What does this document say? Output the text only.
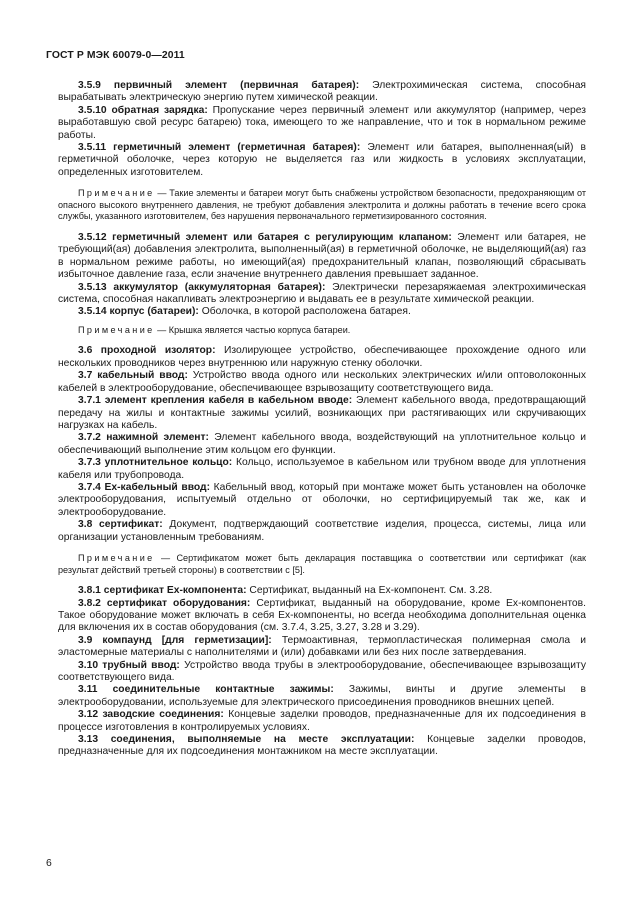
ГОСТ Р МЭК 60079-0—2011

3.5.9 первичный элемент (первичная батарея): Электрохимическая система, способная вырабатывать электрическую энергию путем химической реакции.

3.5.10 обратная зарядка: Пропускание через первичный элемент или аккумулятор (например, через выработавшую свой ресурс батарею) тока, имеющего то же направление, что и ток в нормальном режиме работы.

3.5.11 герметичный элемент (герметичная батарея): Элемент или батарея, выполненная(ый) в герметичной оболочке, через которую не выделяется газ или жидкость в условиях эксплуатации, определенных изготовителем.

Примечание — Такие элементы и батареи могут быть снабжены устройством безопасности, предохраняющим от опасного высокого внутреннего давления, не требуют добавления электролита и должны работать в течение всего срока службы, указанного изготовителем, без нарушения первоначального герметизированного состояния.

3.5.12 герметичный элемент или батарея с регулирующим клапаном: Элемент или батарея, не требующий(ая) добавления электролита, выполненный(ая) в герметичной оболочке, не выделяющий(ая) газ в нормальном режиме работы, но имеющий(ая) предохранительный клапан, позволяющий сбрасывать избыточное давление газа, если значение внутреннего давления превышает заданное.

3.5.13 аккумулятор (аккумуляторная батарея): Электрически перезаряжаемая электрохимическая система, способная накапливать электроэнергию и выдавать ее в результате химической реакции.

3.5.14 корпус (батареи): Оболочка, в которой расположена батарея.

Примечание — Крышка является частью корпуса батареи.

3.6 проходной изолятор: Изолирующее устройство, обеспечивающее прохождение одного или нескольких проводников через внутреннюю или наружную стенку оболочки.

3.7 кабельный ввод: Устройство ввода одного или нескольких электрических и/или оптоволоконных кабелей в электрооборудование, обеспечивающее взрывозащиту соответствующего вида.

3.7.1 элемент крепления кабеля в кабельном вводе: Элемент кабельного ввода, предотвращающий передачу на жилы и контактные зажимы усилий, возникающих при растягивающих или скручивающих нагрузках на кабель.

3.7.2 нажимной элемент: Элемент кабельного ввода, воздействующий на уплотнительное кольцо и обеспечивающий выполнение этим кольцом его функции.

3.7.3 уплотнительное кольцо: Кольцо, используемое в кабельном или трубном вводе для уплотнения кабеля или трубопровода.

3.7.4 Ex-кабельный ввод: Кабельный ввод, который при монтаже может быть установлен на оболочке электрооборудования, испытуемый отдельно от оболочки, но сертифицируемый так же, как и электрооборудование.

3.8 сертификат: Документ, подтверждающий соответствие изделия, процесса, системы, лица или организации установленным требованиям.

Примечание — Сертификатом может быть декларация поставщика о соответствии или сертификат (как результат действий третьей стороны) в соответствии с [5].

3.8.1 сертификат Ex-компонента: Сертификат, выданный на Ex-компонент. См. 3.28.

3.8.2 сертификат оборудования: Сертификат, выданный на оборудование, кроме Ex-компонентов. Такое оборудование может включать в себя Ex-компоненты, но всегда необходима дополнительная оценка для включения их в состав оборудования (см. 3.7.4, 3.25, 3.27, 3.28 и 3.29).

3.9 компаунд [для герметизации]: Термоактивная, термопластическая полимерная смола и эластомерные материалы с наполнителями и (или) добавками или без них после затвердевания.

3.10 трубный ввод: Устройство ввода трубы в электрооборудование, обеспечивающее взрывозащиту соответствующего вида.

3.11 соединительные контактные зажимы: Зажимы, винты и другие элементы в электрооборудовании, используемые для электрического присоединения проводников внешних цепей.

3.12 заводские соединения: Концевые заделки проводов, предназначенные для их подсоединения в процессе изготовления в контролируемых условиях.

3.13 соединения, выполняемые на месте эксплуатации: Концевые заделки проводов, предназначенные для их подсоединения монтажником на месте эксплуатации.

6
